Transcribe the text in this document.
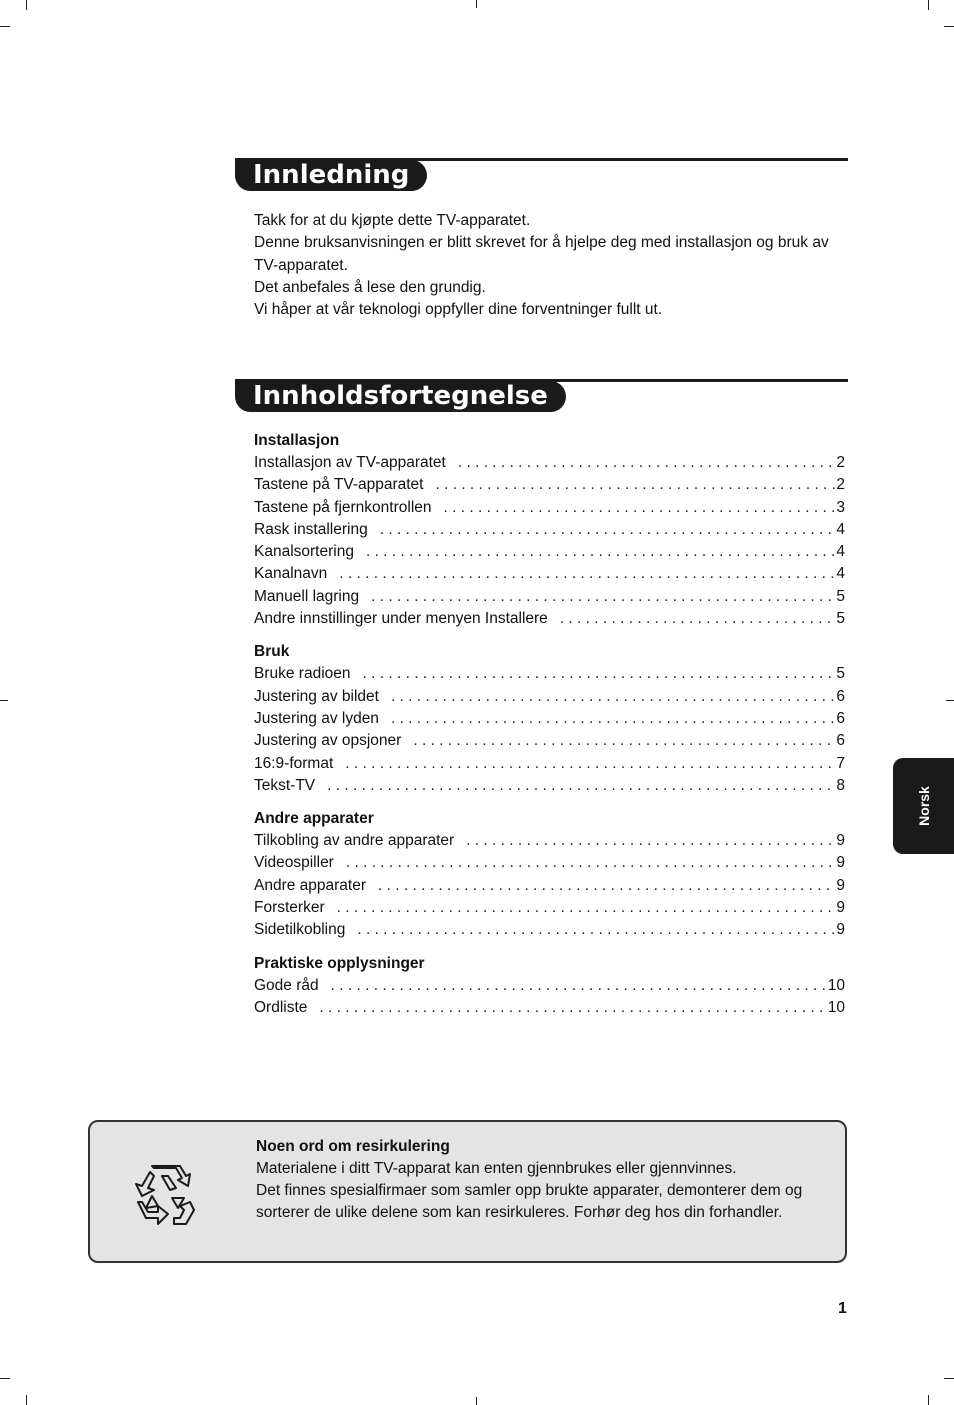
Innledning

Takk for at du kjøpte dette TV-apparatet.

Denne bruksanvisningen er blitt skrevet for å hjelpe deg med installasjon og bruk av TV-apparatet.

Det anbefales å lese den grundig.

Vi håper at vår teknologi oppfyller dine forventninger fullt ut.

Innholdsfortegnelse
Installasjon
Installasjon av TV-apparatet . . .	2
Tastene på TV-apparatet . . .	2
Tastene på fjernkontrollen . . .	3
Rask installering . . .	4
Kanalsortering . . .	4
Kanalnavn . . .	4
Manuell lagring . . .	5
Andre innstillinger under menyen Installere . . .	5
Bruk
Bruke radioen . . .	5
Justering av bildet . . .	6
Justering av lyden . . .	6
Justering av opsjoner . . .	6
16:9-format . . .	7
Tekst-TV . . .	8
Andre apparater
Tilkobling av andre apparater . . .	9
Videospiller . . .	9
Andre apparater . . .	9
Forsterker . . .	9
Sidetilkobling . . .	9
Praktiske opplysninger
Gode råd . . .	10
Ordliste . . .	10
Norsk

Noen ord om resirkulering

Materialene i ditt TV-apparat kan enten gjennbrukes eller gjennvinnes.

Det finnes spesialfirmaer som samler opp brukte apparater, demonterer dem og sorterer de ulike delene som kan resirkuleres. Forhør deg hos din forhandler.

1
